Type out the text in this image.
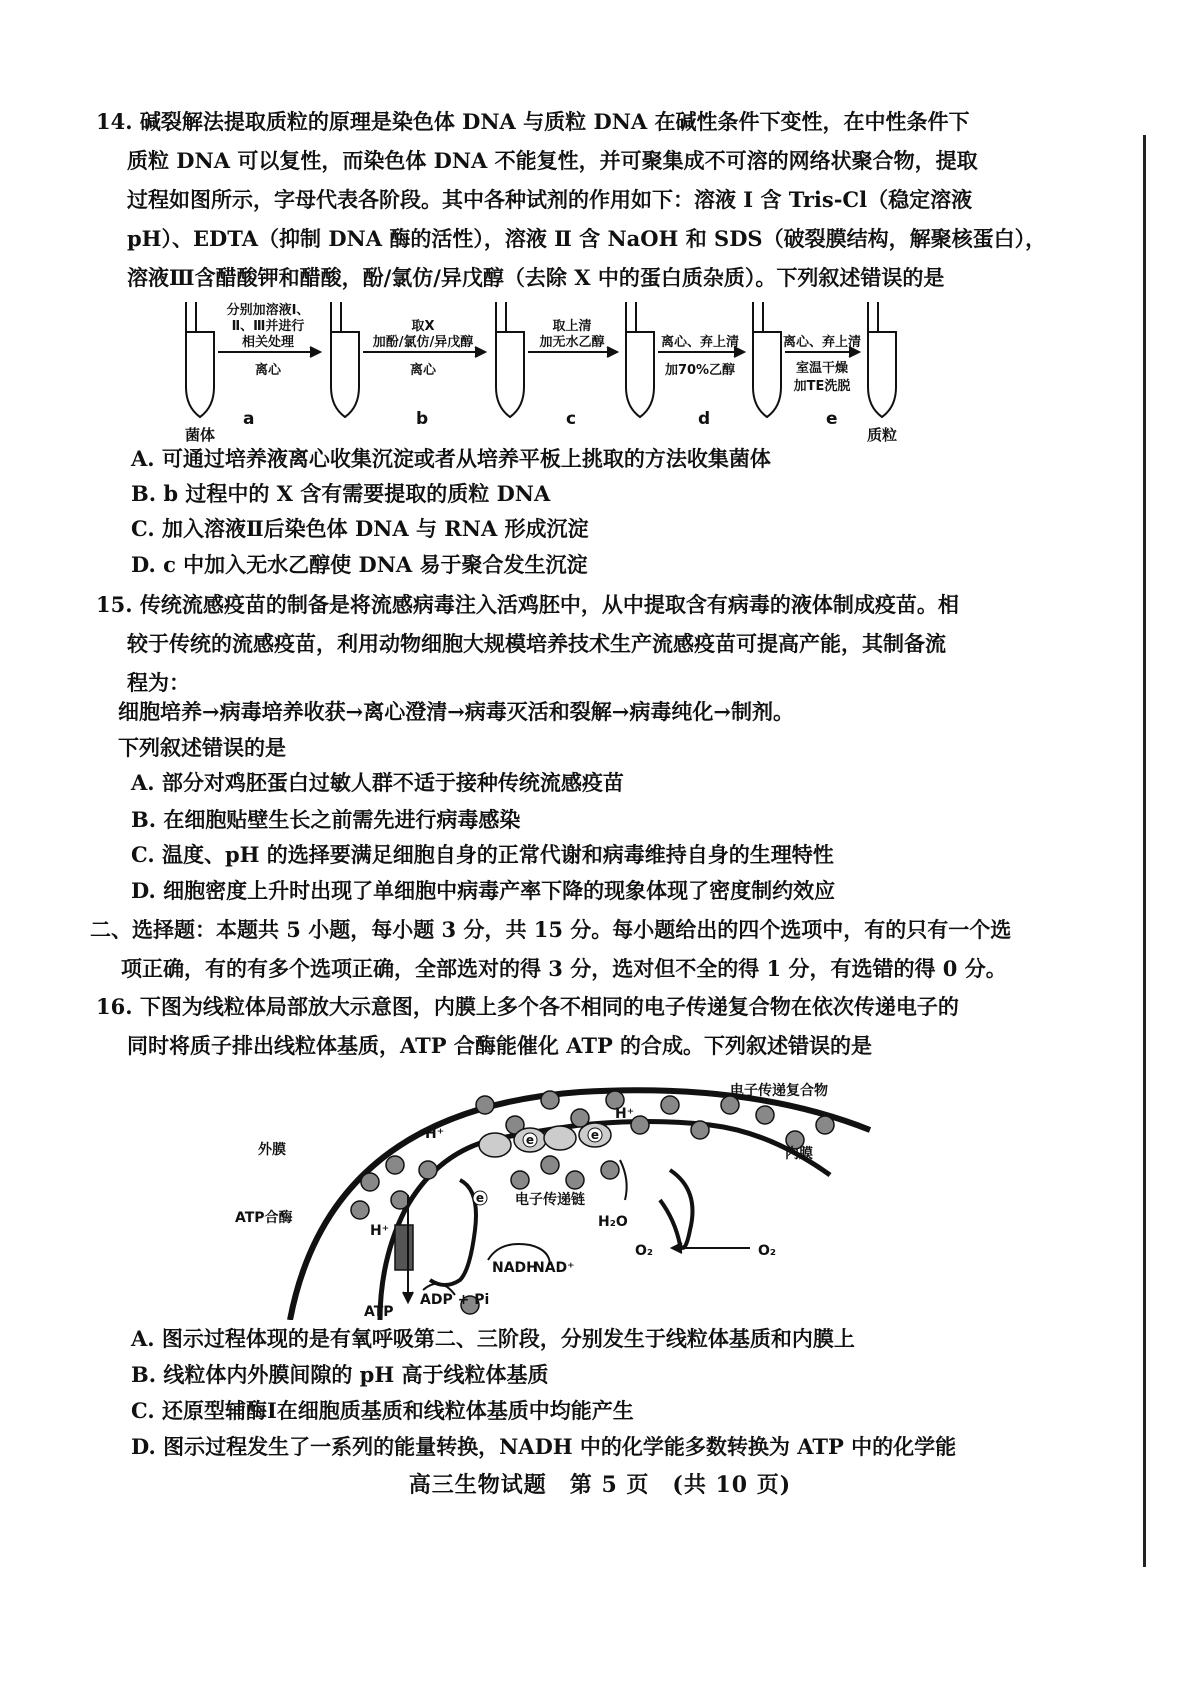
14. 碱裂解法提取质粒的原理是染色体 DNA 与质粒 DNA 在碱性条件下变性，在中性条件下
质粒 DNA 可以复性，而染色体 DNA 不能复性，并可聚集成不可溶的网络状聚合物，提取
过程如图所示，字母代表各阶段。其中各种试剂的作用如下：溶液 Ⅰ 含 Tris-Cl（稳定溶液
pH）、EDTA（抑制 DNA 酶的活性），溶液 Ⅱ 含 NaOH 和 SDS（破裂膜结构，解聚核蛋白），
溶液Ⅲ含醋酸钾和醋酸，酚/氯仿/异戊醇（去除 X 中的蛋白质杂质）。下列叙述错误的是
分别加溶液Ⅰ、
Ⅱ、Ⅲ并进行
相关处理
离心
取X
加酚/氯仿/异戊醇
离心
取上清
加无水乙醇	离心、弃上清
加70%乙醇
离心、弃上清
室温干燥
加TE洗脱
a	b	c	d	e
菌体	质粒
A. 可通过培养液离心收集沉淀或者从培养平板上挑取的方法收集菌体
B. b 过程中的 X 含有需要提取的质粒 DNA
C. 加入溶液Ⅱ后染色体 DNA 与 RNA 形成沉淀
D. c 中加入无水乙醇使 DNA 易于聚合发生沉淀
15. 传统流感疫苗的制备是将流感病毒注入活鸡胚中，从中提取含有病毒的液体制成疫苗。相
较于传统的流感疫苗，利用动物细胞大规模培养技术生产流感疫苗可提高产能，其制备流
程为：
细胞培养→病毒培养收获→离心澄清→病毒灭活和裂解→病毒纯化→制剂。
下列叙述错误的是
A. 部分对鸡胚蛋白过敏人群不适于接种传统流感疫苗
B. 在细胞贴壁生长之前需先进行病毒感染
C. 温度、pH 的选择要满足细胞自身的正常代谢和病毒维持自身的生理特性
D. 细胞密度上升时出现了单细胞中病毒产率下降的现象体现了密度制约效应
二、选择题：本题共 5 小题，每小题 3 分，共 15 分。每小题给出的四个选项中，有的只有一个选
项正确，有的有多个选项正确，全部选对的得 3 分，选对但不全的得 1 分，有选错的得 0 分。
16. 下图为线粒体局部放大示意图，内膜上多个各不相同的电子传递复合物在依次传递电子的
同时将质子排出线粒体基质，ATP 合酶能催化 ATP 的合成。下列叙述错误的是
e	e
e
外膜	内膜
电子传递复合物
电子传递链
ATP合酶
H⁺
H⁺
H⁺
H₂O
O₂	O₂
NADH
NAD⁺
ATP
ADP + Pi
A. 图示过程体现的是有氧呼吸第二、三阶段，分别发生于线粒体基质和内膜上
B. 线粒体内外膜间隙的 pH 高于线粒体基质
C. 还原型辅酶Ⅰ在细胞质基质和线粒体基质中均能产生
D. 图示过程发生了一系列的能量转换，NADH 中的化学能多数转换为 ATP 中的化学能
高三生物试题　第 5 页　(共 10 页)
